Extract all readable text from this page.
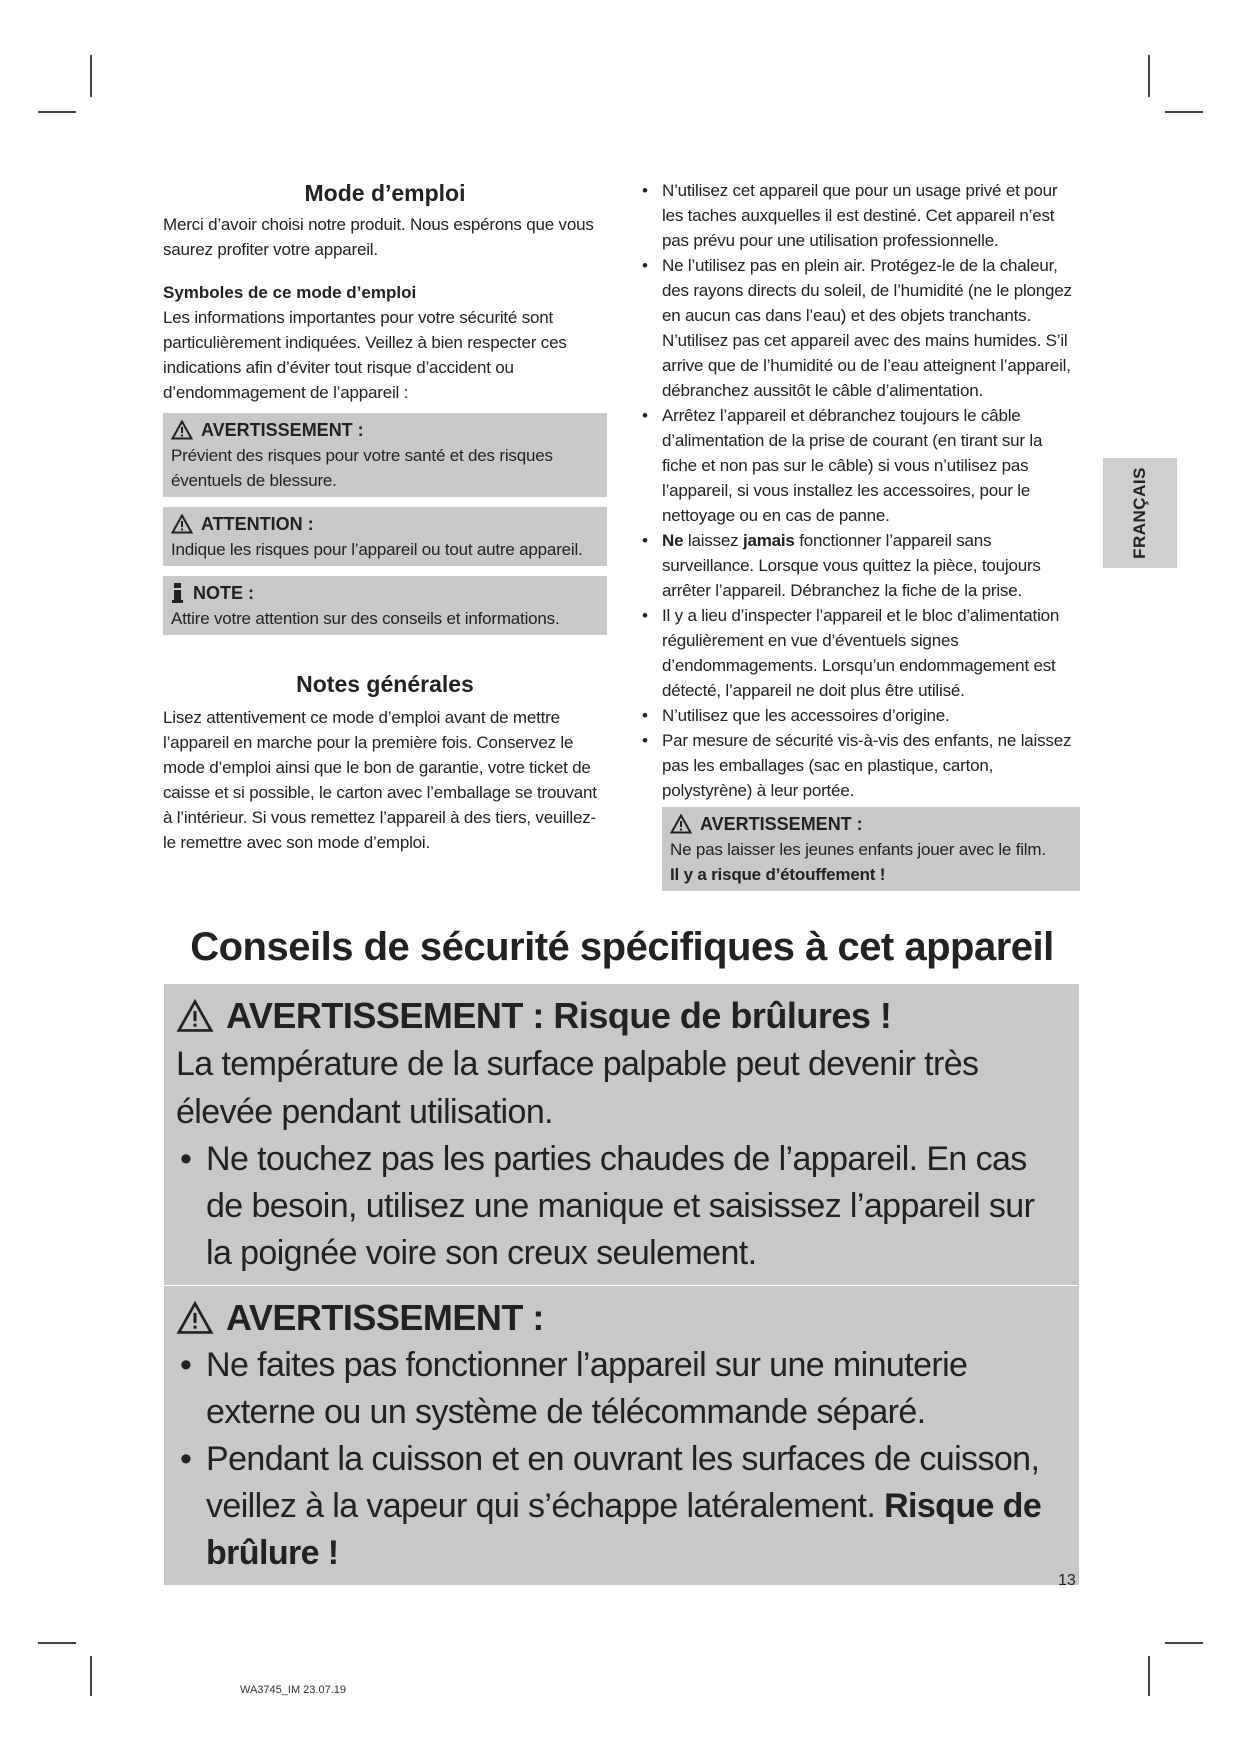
Mode d’emploi

Merci d’avoir choisi notre produit. Nous espérons que vous saurez profiter votre appareil.

Symboles de ce mode d’emploi

Les informations importantes pour votre sécurité sont particulièrement indiquées. Veillez à bien respecter ces indications afin d’éviter tout risque d’accident ou d’endommagement de l’appareil :

AVERTISSEMENT :
Prévient des risques pour votre santé et des risques éventuels de blessure.
ATTENTION :
Indique les risques pour l’appareil ou tout autre appareil.
NOTE :
Attire votre attention sur des conseils et informations.
Notes générales

Lisez attentivement ce mode d’emploi avant de mettre l’appareil en marche pour la première fois. Conservez le mode d’emploi ainsi que le bon de garantie, votre ticket de caisse et si possible, le carton avec l’emballage se trouvant à l’intérieur. Si vous remettez l’appareil à des tiers, veuillez-le remettre avec son mode d’emploi.

• N’utilisez cet appareil que pour un usage privé et pour les taches auxquelles il est destiné. Cet appareil n’est pas prévu pour une utilisation professionnelle.
• Ne l’utilisez pas en plein air. Protégez-le de la chaleur, des rayons directs du soleil, de l’humidité (ne le plongez en aucun cas dans l’eau) et des objets tranchants. N’utilisez pas cet appareil avec des mains humides. S’il arrive que de l’humidité ou de l’eau atteignent l’appareil, débranchez aussitôt le câble d’alimentation.
• Arrêtez l’appareil et débranchez toujours le câble d’alimentation de la prise de courant (en tirant sur la fiche et non pas sur le câble) si vous n’utilisez pas l’appareil, si vous installez les accessoires, pour le nettoyage ou en cas de panne.
• Ne laissez jamais fonctionner l’appareil sans surveillance. Lorsque vous quittez la pièce, toujours arrêter l’appareil. Débranchez la fiche de la prise.
• Il y a lieu d’inspecter l’appareil et le bloc d’alimentation régulièrement en vue d’éventuels signes d’endommagements. Lorsqu’un endommagement est détecté, l’appareil ne doit plus être utilisé.
• N’utilisez que les accessoires d’origine.
• Par mesure de sécurité vis-à-vis des enfants, ne laissez pas les emballages (sac en plastique, carton, polystyrène) à leur portée.
AVERTISSEMENT :
Ne pas laisser les jeunes enfants jouer avec le film.
Il y a risque d’étouffement !
FRANÇAIS
Conseils de sécurité spécifiques à cet appareil
AVERTISSEMENT : Risque de brûlures !
La température de la surface palpable peut devenir très élevée pendant utilisation.
• Ne touchez pas les parties chaudes de l’appareil. En cas de besoin, utilisez une manique et saisissez l’appareil sur la poignée voire son creux seulement.
AVERTISSEMENT :
• Ne faites pas fonctionner l’appareil sur une minuterie externe ou un système de télécommande séparé.
• Pendant la cuisson et en ouvrant les surfaces de cuisson, veillez à la vapeur qui s’échappe latéralement. Risque de brûlure !
13
WA3745_IM 23.07.19
